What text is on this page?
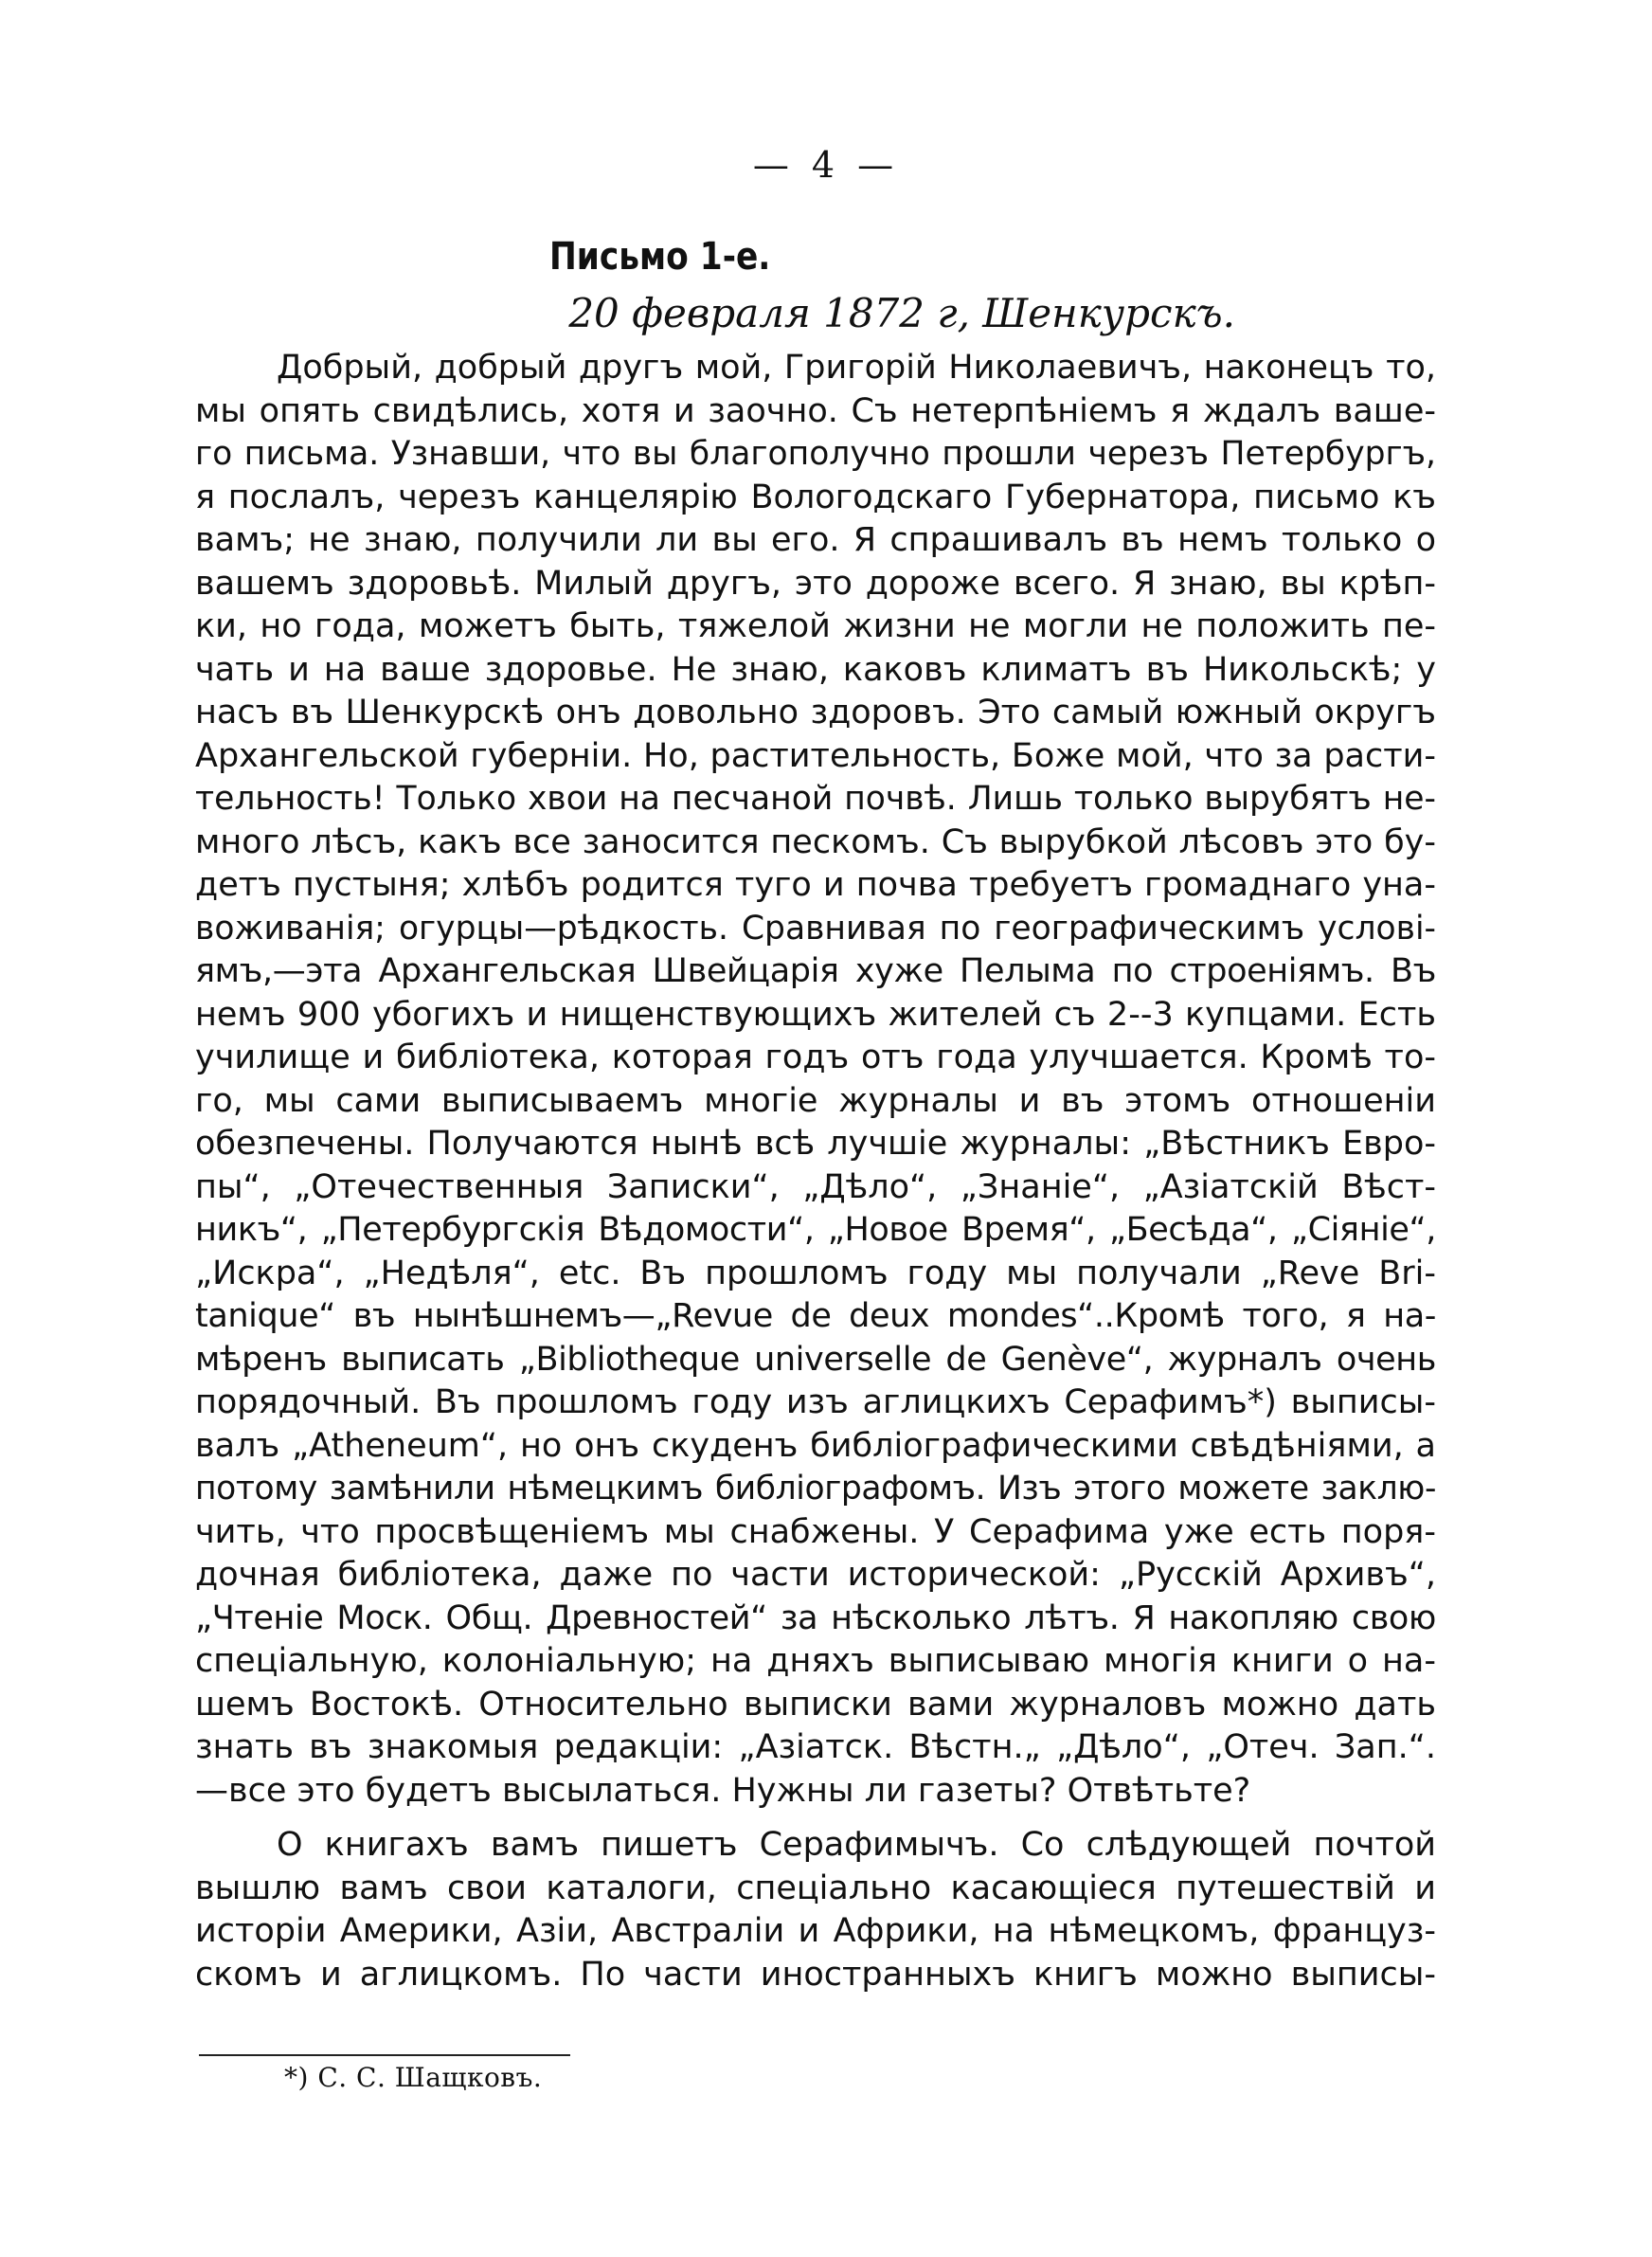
— 4 —
Письмо 1-е.
20 февраля 1872 г, Шенкурскъ.

Добрый, добрый другъ мой, Григорій Николаевичъ, наконецъ то,
мы опять свидѣлись, хотя и заочно. Съ нетерпѣніемъ я ждалъ ваше-
го письма. Узнавши, что вы благополучно прошли черезъ Петербургъ,
я послалъ, черезъ канцелярію Вологодскаго Губернатора, письмо къ
вамъ; не знаю, получили ли вы его. Я спрашивалъ въ немъ только о
вашемъ здоровьѣ. Милый другъ, это дороже всего. Я знаю, вы крѣп-
ки, но года, можетъ быть, тяжелой жизни не могли не положить пе-
чать и на ваше здоровье. Не знаю, каковъ климатъ въ Никольскѣ; у
насъ въ Шенкурскѣ онъ довольно здоровъ. Это самый южный округъ
Архангельской губерніи. Но, растительность, Боже мой, что за расти-
тельность! Только хвои на песчаной почвѣ. Лишь только вырубятъ не-
много лѣсъ, какъ все заносится пескомъ. Съ вырубкой лѣсовъ это бу-
детъ пустыня; хлѣбъ родится туго и почва требуетъ громаднаго уна-
воживанія; огурцы—рѣдкость. Сравнивая по географическимъ услові-
ямъ,—эта Архангельская Швейцарія хуже Пелыма по строеніямъ. Въ
немъ 900 убогихъ и нищенствующихъ жителей съ 2--3 купцами. Есть
училище и библіотека, которая годъ отъ года улучшается. Кромѣ то-
го, мы сами выписываемъ многіе журналы и въ этомъ отношеніи
обезпечены. Получаются нынѣ всѣ лучшіе журналы: „Вѣстникъ Евро-
пы“, „Отечественныя Записки“, „Дѣло“, „Знаніе“, „Азіатскій Вѣст-
никъ“, „Петербургскія Вѣдомости“, „Новое Время“, „Бесѣда“, „Сіяніе“,
„Искра“, „Недѣля“, etc. Въ прошломъ году мы получали „Reve Bri-
tanique“ въ нынѣшнемъ—„Revue de deux mondes“..Кромѣ того, я на-
мѣренъ выписать „Bibliotheque universelle de Genève“, журналъ очень
порядочный. Въ прошломъ году изъ аглицкихъ Серафимъ*) выписы-
валъ „Atheneum“, но онъ скуденъ библіографическими свѣдѣніями, а
потому замѣнили нѣмецкимъ библіографомъ. Изъ этого можете заклю-
чить, что просвѣщеніемъ мы снабжены. У Серафима уже есть поря-
дочная библіотека, даже по части исторической: „Русскій Архивъ“,
„Чтеніе Моск. Общ. Древностей“ за нѣсколько лѣтъ. Я накопляю свою
спеціальную, колоніальную; на дняхъ выписываю многія книги о на-
шемъ Востокѣ. Относительно выписки вами журналовъ можно дать
знать въ знакомыя редакціи: „Азіатск. Вѣстн.„ „Дѣло“, „Отеч. Зап.“.
—все это будетъ высылаться. Нужны ли газеты? Отвѣтьте?

О книгахъ вамъ пишетъ Серафимычъ. Со слѣдующей почтой
вышлю вамъ свои каталоги, спеціально касающіеся путешествій и
исторіи Америки, Азіи, Австраліи и Африки, на нѣмецкомъ, француз-
скомъ и аглицкомъ. По части иностранныхъ книгъ можно выписы-

*) С. С. Шащковъ.
